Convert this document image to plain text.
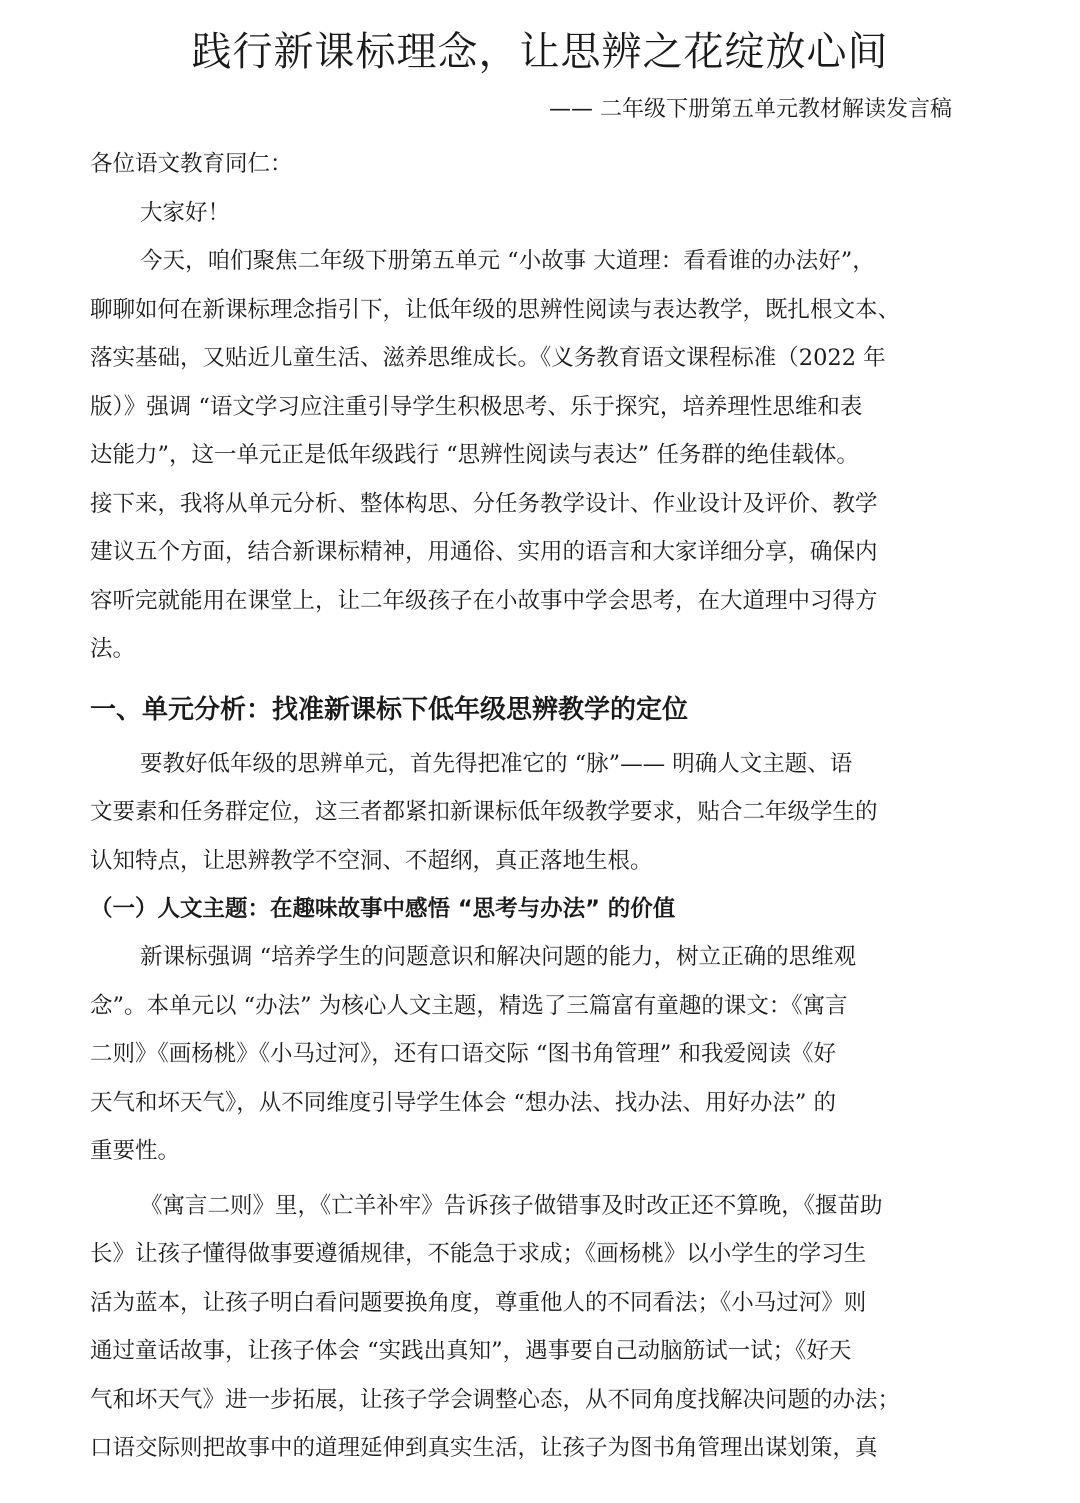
践行新课标理念，让思辨之花绽放心间
—— 二年级下册第五单元教材解读发言稿
各位语文教育同仁：
大家好！
今天，咱们聚焦二年级下册第五单元 “小故事 大道理：看看谁的办法好”，
聊聊如何在新课标理念指引下，让低年级的思辨性阅读与表达教学，既扎根文本、
落实基础，又贴近儿童生活、滋养思维成长。《义务教育语文课程标准（2022 年
版）》强调 “语文学习应注重引导学生积极思考、乐于探究，培养理性思维和表
达能力”，这一单元正是低年级践行 “思辨性阅读与表达” 任务群的绝佳载体。
接下来，我将从单元分析、整体构思、分任务教学设计、作业设计及评价、教学
建议五个方面，结合新课标精神，用通俗、实用的语言和大家详细分享，确保内
容听完就能用在课堂上，让二年级孩子在小故事中学会思考，在大道理中习得方
法。
一、单元分析：找准新课标下低年级思辨教学的定位
要教好低年级的思辨单元，首先得把准它的 “脉”—— 明确人文主题、语
文要素和任务群定位，这三者都紧扣新课标低年级教学要求，贴合二年级学生的
认知特点，让思辨教学不空洞、不超纲，真正落地生根。
（一）人文主题：在趣味故事中感悟 “思考与办法” 的价值
新课标强调 “培养学生的问题意识和解决问题的能力，树立正确的思维观
念”。本单元以 “办法” 为核心人文主题，精选了三篇富有童趣的课文：《寓言
二则》《画杨桃》《小马过河》，还有口语交际 “图书角管理” 和我爱阅读《好
天气和坏天气》，从不同维度引导学生体会 “想办法、找办法、用好办法” 的
重要性。
《寓言二则》里，《亡羊补牢》告诉孩子做错事及时改正还不算晚，《揠苗助
长》让孩子懂得做事要遵循规律，不能急于求成；《画杨桃》以小学生的学习生
活为蓝本，让孩子明白看问题要换角度，尊重他人的不同看法；《小马过河》则
通过童话故事，让孩子体会 “实践出真知”，遇事要自己动脑筋试一试；《好天
气和坏天气》进一步拓展，让孩子学会调整心态，从不同角度找解决问题的办法；
口语交际则把故事中的道理延伸到真实生活，让孩子为图书角管理出谋划策，真
